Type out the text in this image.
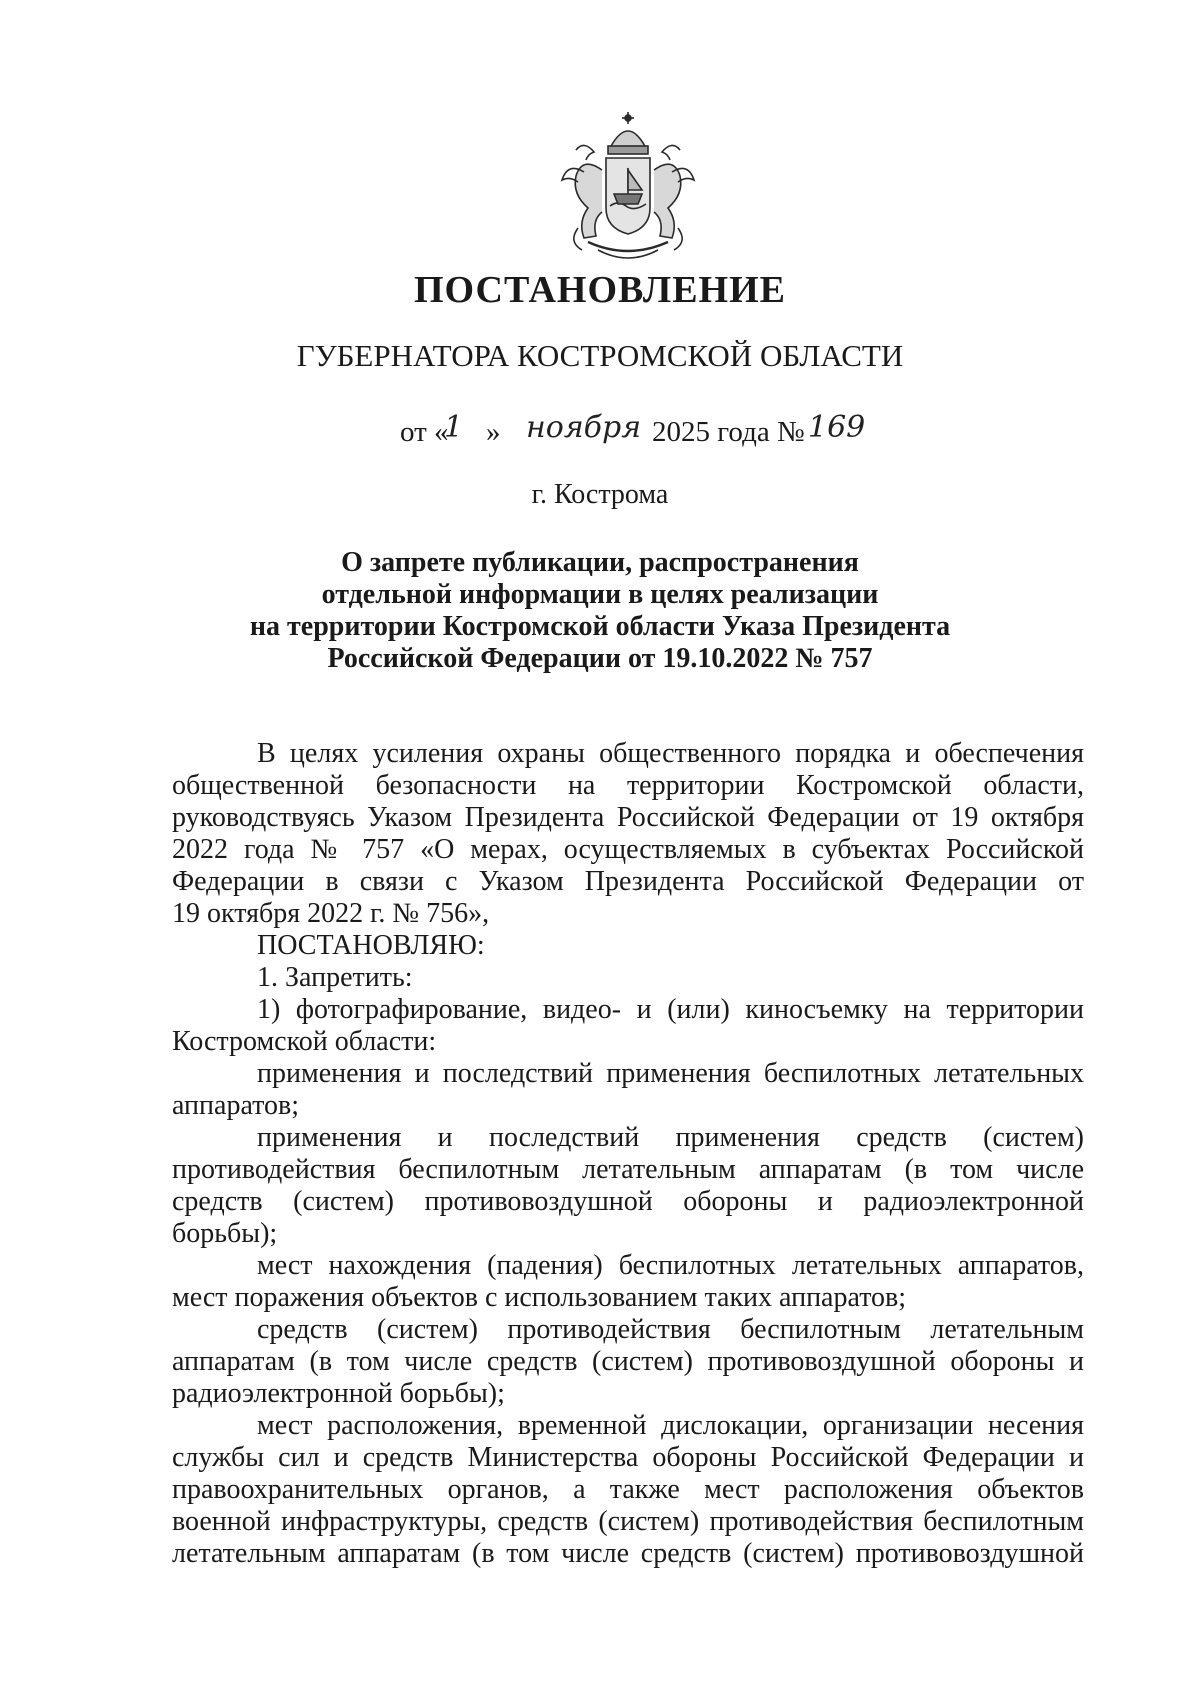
ПОСТАНОВЛЕНИЕ
ГУБЕРНАТОРА КОСТРОМСКОЙ ОБЛАСТИ
от «
1 » ноября 2025 года № 169
г. Кострома
О запрете публикации, распространения
отдельной информации в целях реализации
на территории Костромской области Указа Президента
Российской Федерации от 19.10.2022 № 757

В целях усиления охраны общественного порядка и обеспечения
общественной безопасности на территории Костромской области,
руководствуясь Указом Президента Российской Федерации от 19 октября
2022 года № 757 «О мерах, осуществляемых в субъектах Российской
Федерации в связи с Указом Президента Российской Федерации от
19 октября 2022 г. № 756»,

ПОСТАНОВЛЯЮ:

1. Запретить:

1) фотографирование, видео- и (или) киносъемку на территории
Костромской области:

применения и последствий применения беспилотных летательных
аппаратов;

применения и последствий применения средств (систем)
противодействия беспилотным летательным аппаратам (в том числе
средств (систем) противовоздушной обороны и радиоэлектронной
борьбы);

мест нахождения (падения) беспилотных летательных аппаратов,
мест поражения объектов с использованием таких аппаратов;

средств (систем) противодействия беспилотным летательным
аппаратам (в том числе средств (систем) противовоздушной обороны и
радиоэлектронной борьбы);

мест расположения, временной дислокации, организации несения
службы сил и средств Министерства обороны Российской Федерации и
правоохранительных органов, а также мест расположения объектов
военной инфраструктуры, средств (систем) противодействия беспилотным
летательным аппаратам (в том числе средств (систем) противовоздушной
